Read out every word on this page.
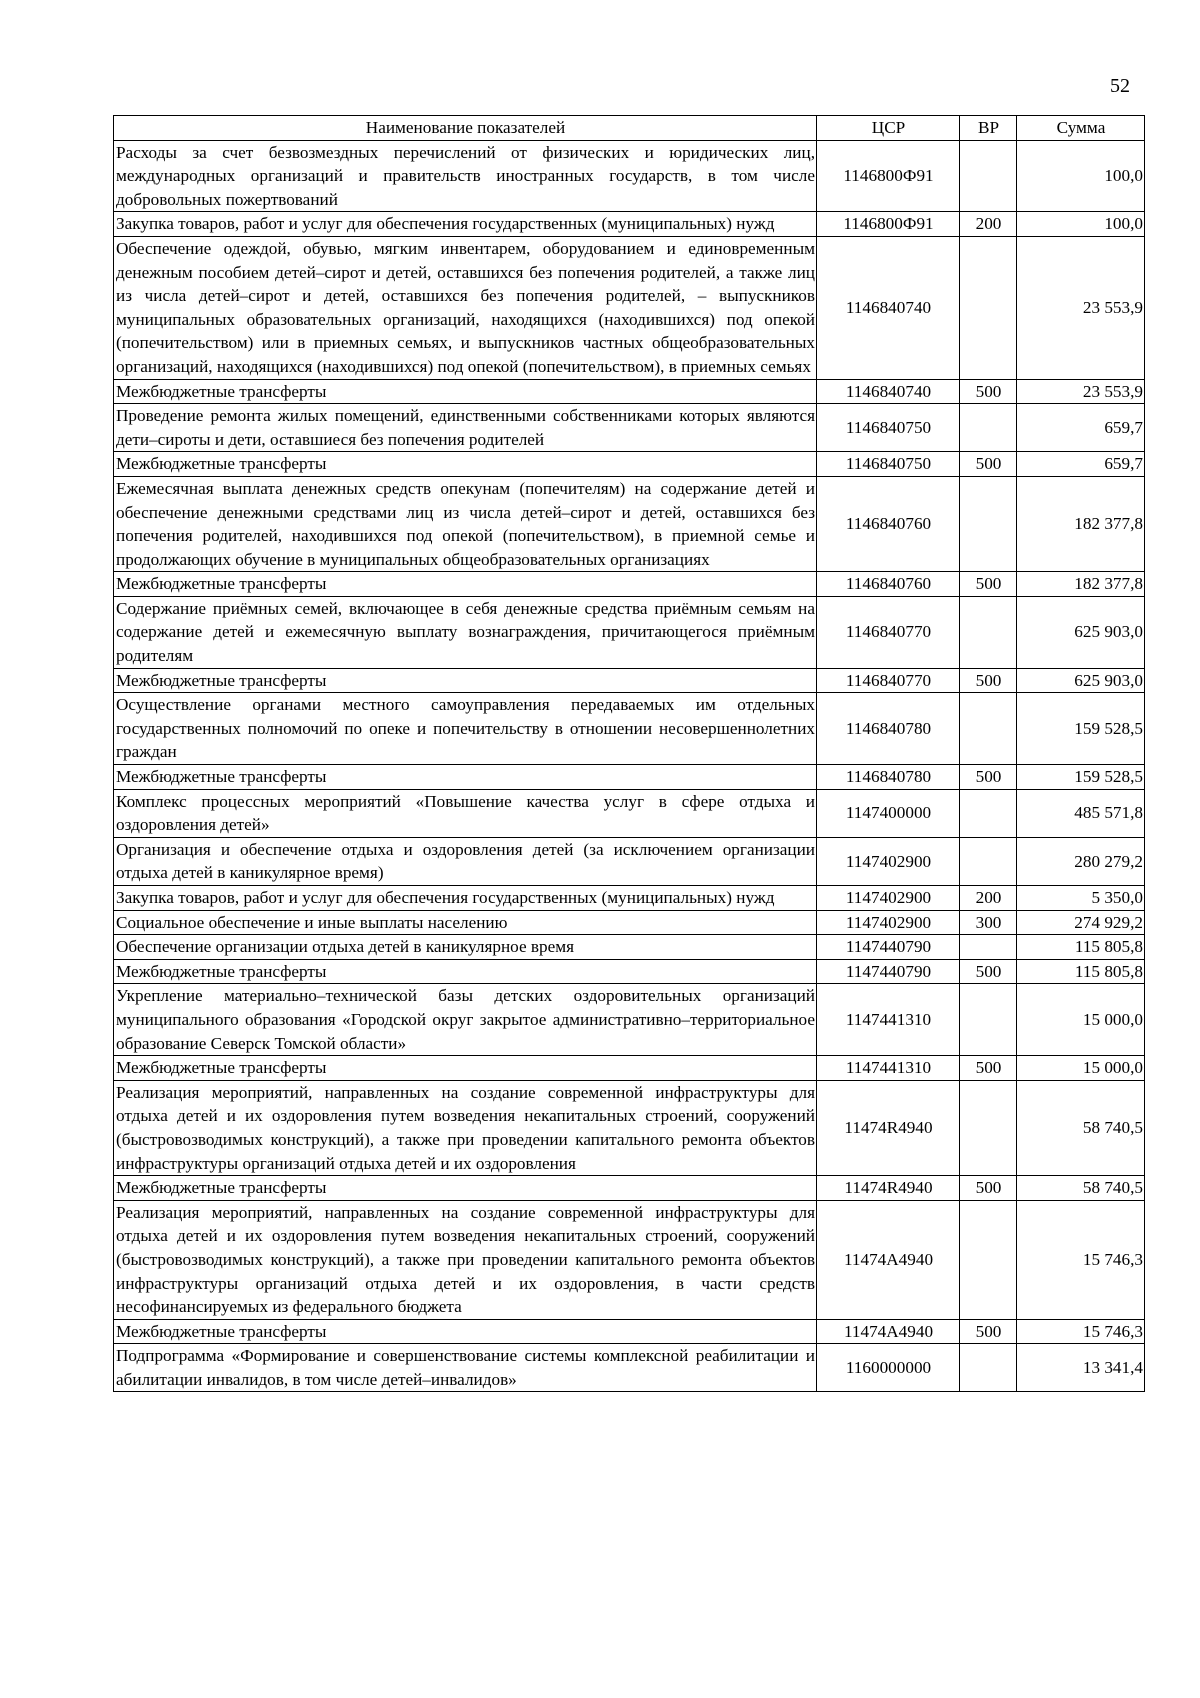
52
Наименование показателей	ЦСР	ВР	Сумма
Расходы за счет безвозмездных перечислений от физических и юридических лиц, международных организаций и правительств иностранных государств, в том числе добровольных пожертвований	1146800Ф91		100,0
Закупка товаров, работ и услуг для обеспечения государственных (муниципальных) нужд	1146800Ф91	200	100,0
Обеспечение одеждой, обувью, мягким инвентарем, оборудованием и единовременным денежным пособием детей–сирот и детей, оставшихся без попечения родителей, а также лиц из числа детей–сирот и детей, оставшихся без попечения родителей, – выпускников муниципальных образовательных организаций, находящихся (находившихся) под опекой (попечительством) или в приемных семьях, и выпускников частных общеобразовательных организаций, находящихся (находившихся) под опекой (попечительством), в приемных семьях	1146840740		23 553,9
Межбюджетные трансферты	1146840740	500	23 553,9
Проведение ремонта жилых помещений, единственными собственниками которых являются дети–сироты и дети, оставшиеся без попечения родителей	1146840750		659,7
Межбюджетные трансферты	1146840750	500	659,7
Ежемесячная выплата денежных средств опекунам (попечителям) на содержание детей и обеспечение денежными средствами лиц из числа детей–сирот и детей, оставшихся без попечения родителей, находившихся под опекой (попечительством), в приемной семье и продолжающих обучение в муниципальных общеобразовательных организациях	1146840760		182 377,8
Межбюджетные трансферты	1146840760	500	182 377,8
Содержание приёмных семей, включающее в себя денежные средства приёмным семьям на содержание детей и ежемесячную выплату вознаграждения, причитающегося приёмным родителям	1146840770		625 903,0
Межбюджетные трансферты	1146840770	500	625 903,0
Осуществление органами местного самоуправления передаваемых им отдельных государственных полномочий по опеке и попечительству в отношении несовершеннолетних граждан	1146840780		159 528,5
Межбюджетные трансферты	1146840780	500	159 528,5
Комплекс процессных мероприятий «Повышение качества услуг в сфере отдыха и оздоровления детей»	1147400000		485 571,8
Организация и обеспечение отдыха и оздоровления детей (за исключением организации отдыха детей в каникулярное время)	1147402900		280 279,2
Закупка товаров, работ и услуг для обеспечения государственных (муниципальных) нужд	1147402900	200	5 350,0
Социальное обеспечение и иные выплаты населению	1147402900	300	274 929,2
Обеспечение организации отдыха детей в каникулярное время	1147440790		115 805,8
Межбюджетные трансферты	1147440790	500	115 805,8
Укрепление материально–технической базы детских оздоровительных организаций муниципального образования «Городской округ закрытое административно–территориальное образование Северск Томской области»	1147441310		15 000,0
Межбюджетные трансферты	1147441310	500	15 000,0
Реализация мероприятий, направленных на создание современной инфраструктуры для отдыха детей и их оздоровления путем возведения некапитальных строений, сооружений (быстровозводимых конструкций), а также при проведении капитального ремонта объектов инфраструктуры организаций отдыха детей и их оздоровления	11474R4940		58 740,5
Межбюджетные трансферты	11474R4940	500	58 740,5
Реализация мероприятий, направленных на создание современной инфраструктуры для отдыха детей и их оздоровления путем возведения некапитальных строений, сооружений (быстровозводимых конструкций), а также при проведении капитального ремонта объектов инфраструктуры организаций отдыха детей и их оздоровления, в части средств несофинансируемых из федерального бюджета	11474A4940		15 746,3
Межбюджетные трансферты	11474A4940	500	15 746,3
Подпрограмма «Формирование и совершенствование системы комплексной реабилитации и абилитации инвалидов, в том числе детей–инвалидов»	1160000000		13 341,4
